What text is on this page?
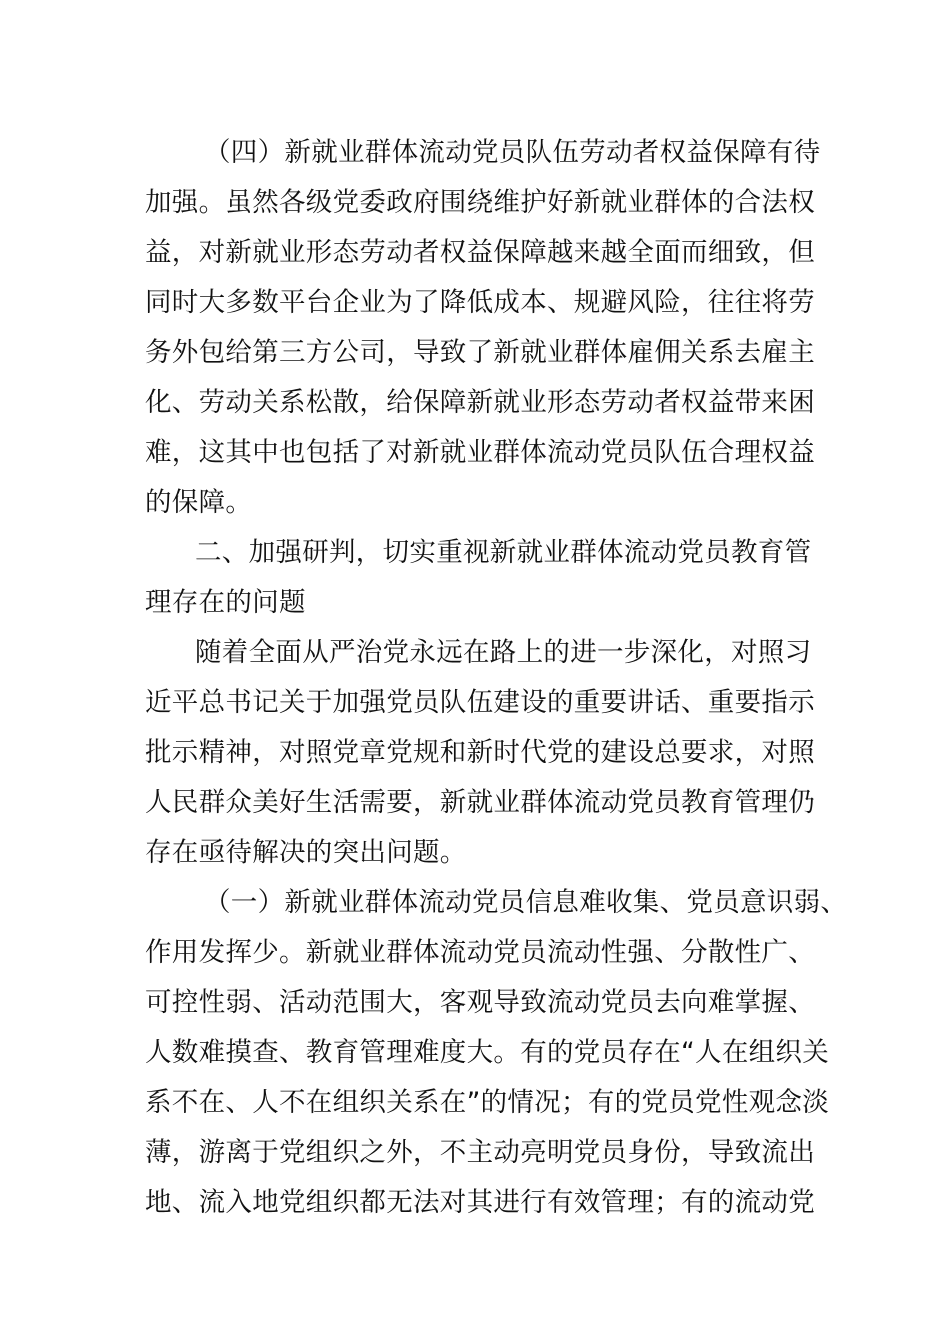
（四）新就业群体流动党员队伍劳动者权益保障有待
加强。虽然各级党委政府围绕维护好新就业群体的合法权
益，对新就业形态劳动者权益保障越来越全面而细致，但
同时大多数平台企业为了降低成本、规避风险，往往将劳
务外包给第三方公司，导致了新就业群体雇佣关系去雇主
化、劳动关系松散，给保障新就业形态劳动者权益带来困
难，这其中也包括了对新就业群体流动党员队伍合理权益
的保障。
二、加强研判，切实重视新就业群体流动党员教育管
理存在的问题
随着全面从严治党永远在路上的进一步深化，对照习
近平总书记关于加强党员队伍建设的重要讲话、重要指示
批示精神，对照党章党规和新时代党的建设总要求，对照
人民群众美好生活需要，新就业群体流动党员教育管理仍
存在亟待解决的突出问题。
（一）新就业群体流动党员信息难收集、党员意识弱、
作用发挥少。新就业群体流动党员流动性强、分散性广、
可控性弱、活动范围大，客观导致流动党员去向难掌握、
人数难摸查、教育管理难度大。有的党员存在“人在组织关
系不在、人不在组织关系在”的情况；有的党员党性观念淡
薄，游离于党组织之外，不主动亮明党员身份，导致流出
地、流入地党组织都无法对其进行有效管理；有的流动党
